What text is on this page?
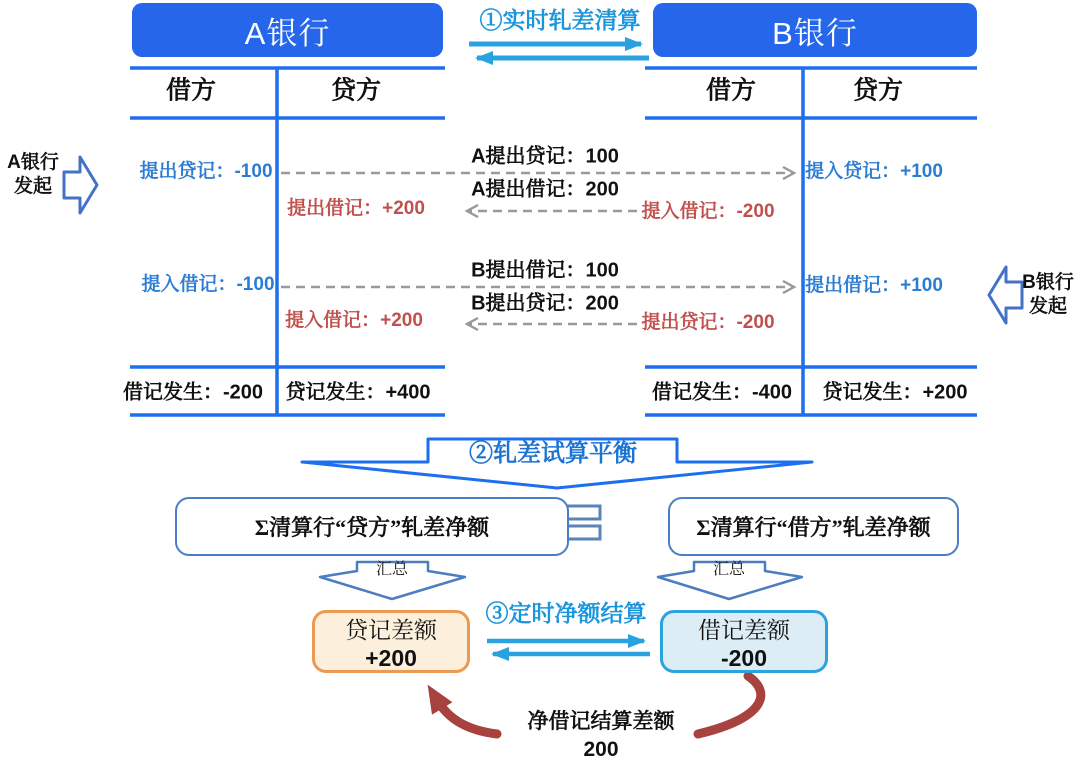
A银行	B银行
①实时轧差清算
借方	贷方	借方	贷方
提出贷记：-100
提出借记：+200	提入借记：-200
提入贷记：+100
A提出贷记：100
A提出借记：200
提入借记：-100
提入借记：+200	提出贷记：-200
提出借记：+100
B提出借记：100
B提出贷记：200
借记发生：-200 贷记发生：+400	借记发生：-400 贷记发生：+200
A银行
发起
B银行
发起
②轧差试算平衡
Σ清算行“贷方”轧差净额	Σ清算行“借方”轧差净额
汇总	汇总
③定时净额结算
贷记差额
+200
借记差额
-200
净借记结算差额
200
